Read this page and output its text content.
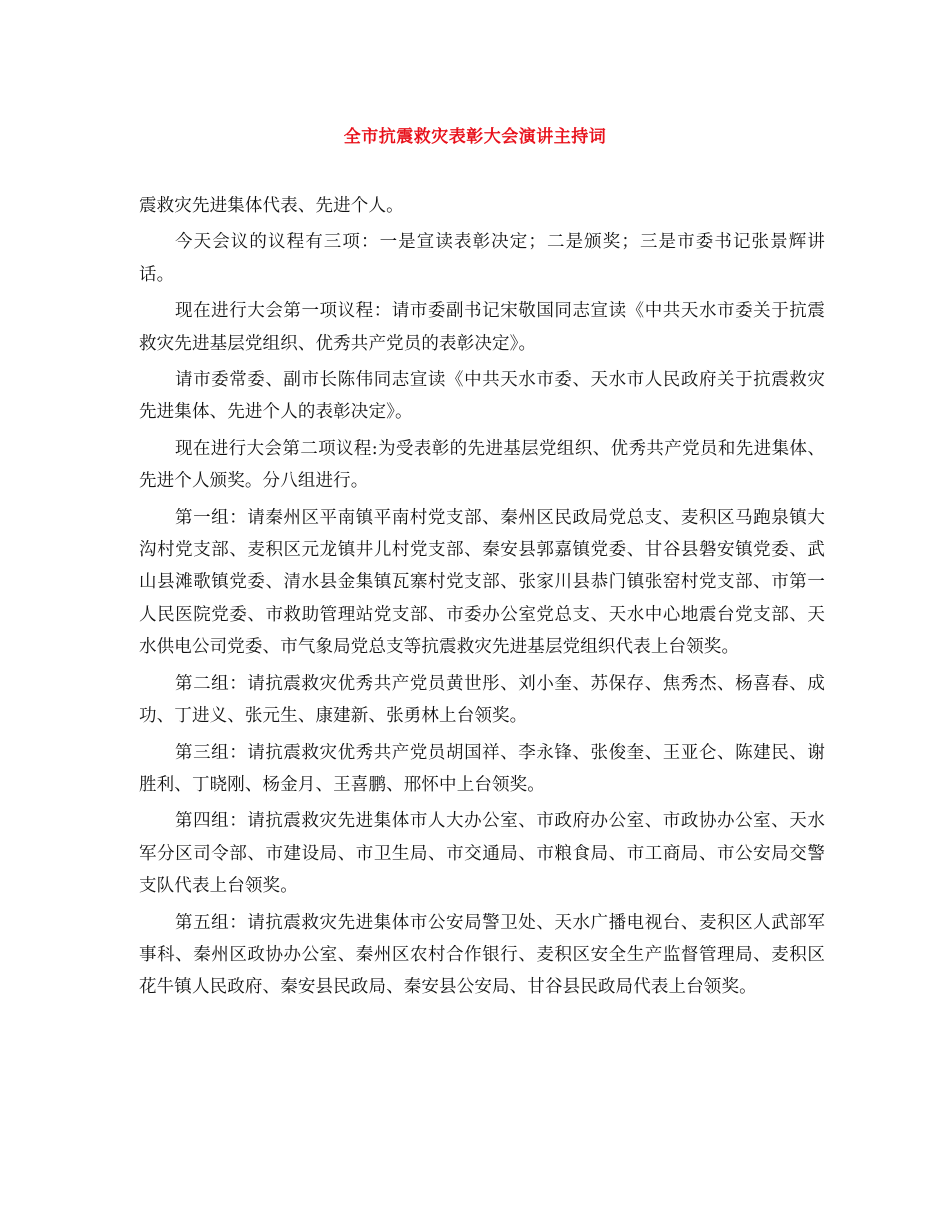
全市抗震救灾表彰大会演讲主持词

震救灾先进集体代表、先进个人。

今天会议的议程有三项：一是宣读表彰决定；二是颁奖；三是市委书记张景辉讲话。

现在进行大会第一项议程：请市委副书记宋敬国同志宣读《中共天水市委关于抗震救灾先进基层党组织、优秀共产党员的表彰决定》。

请市委常委、副市长陈伟同志宣读《中共天水市委、天水市人民政府关于抗震救灾先进集体、先进个人的表彰决定》。

现在进行大会第二项议程:为受表彰的先进基层党组织、优秀共产党员和先进集体、先进个人颁奖。分八组进行。

第一组：请秦州区平南镇平南村党支部、秦州区民政局党总支、麦积区马跑泉镇大沟村党支部、麦积区元龙镇井儿村党支部、秦安县郭嘉镇党委、甘谷县磐安镇党委、武山县滩歌镇党委、清水县金集镇瓦寨村党支部、张家川县恭门镇张窑村党支部、市第一人民医院党委、市救助管理站党支部、市委办公室党总支、天水中心地震台党支部、天水供电公司党委、市气象局党总支等抗震救灾先进基层党组织代表上台领奖。

第二组：请抗震救灾优秀共产党员黄世彤、刘小奎、苏保存、焦秀杰、杨喜春、成功、丁进义、张元生、康建新、张勇林上台领奖。

第三组：请抗震救灾优秀共产党员胡国祥、李永锋、张俊奎、王亚仑、陈建民、谢胜利、丁晓刚、杨金月、王喜鹏、邢怀中上台领奖。

第四组：请抗震救灾先进集体市人大办公室、市政府办公室、市政协办公室、天水军分区司令部、市建设局、市卫生局、市交通局、市粮食局、市工商局、市公安局交警支队代表上台领奖。

第五组：请抗震救灾先进集体市公安局警卫处、天水广播电视台、麦积区人武部军事科、秦州区政协办公室、秦州区农村合作银行、麦积区安全生产监督管理局、麦积区花牛镇人民政府、秦安县民政局、秦安县公安局、甘谷县民政局代表上台领奖。
